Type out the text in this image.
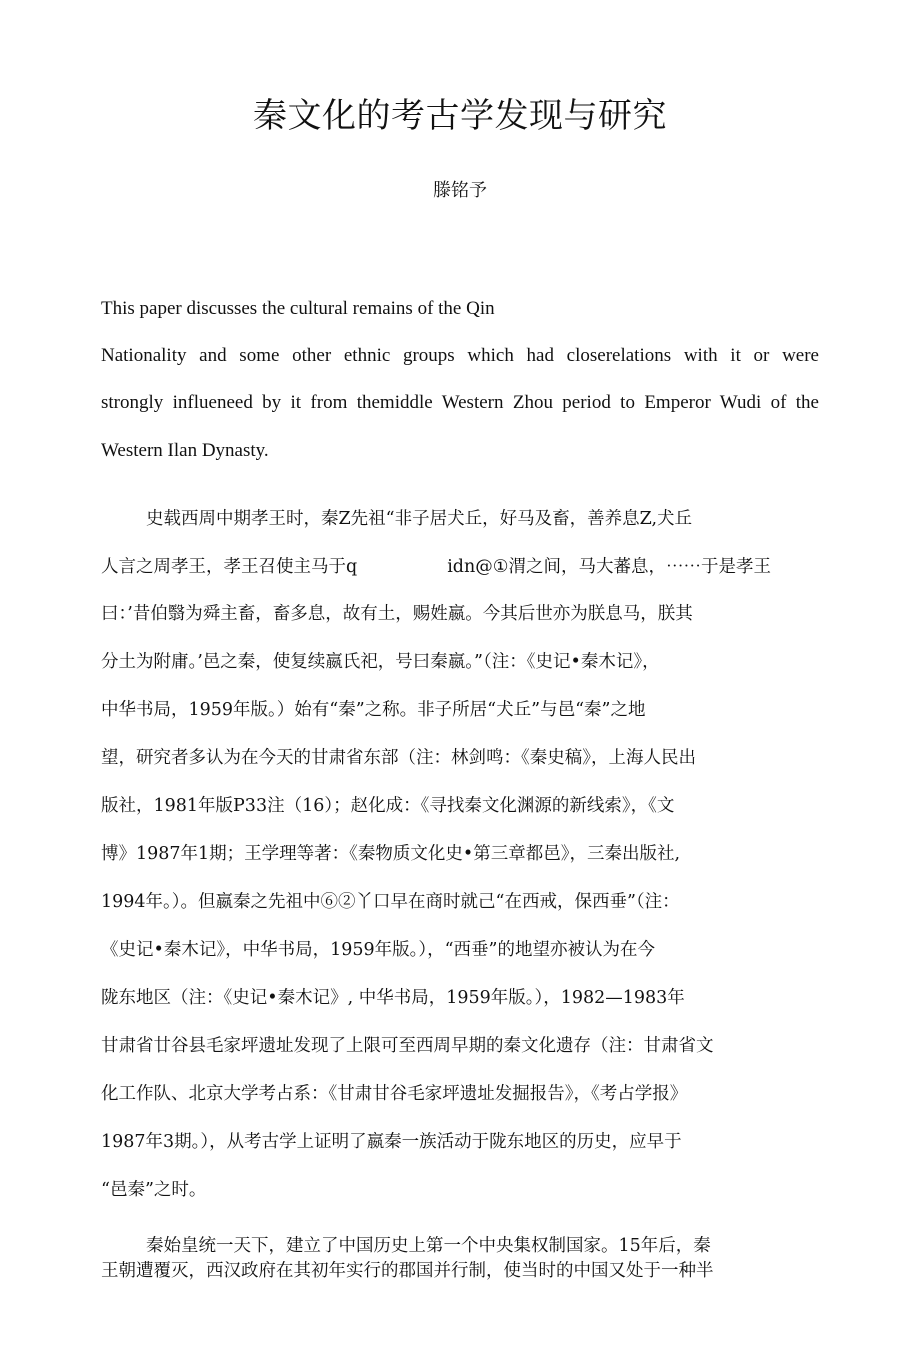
秦文化的考古学发现与研究
滕铭予
This paper discusses the cultural remains of the Qin
Nationality and some other ethnic groups which had closerelations with it or were
strongly influeneed by it from themiddle Western Zhou period to Emperor Wudi of the
Western Ilan Dynasty.
史载西周中期孝王时，秦Z先祖“非子居犬丘，好马及畜，善养息Z,犬丘
人言之周孝王，孝王召使主马于q	idn@①渭之间，马大蕃息，⋯⋯于是孝王
曰：’昔伯翳为舜主畜，畜多息，故有土，赐姓嬴。今其后世亦为朕息马，朕其
分土为附庸。’邑之秦，使复续嬴氏祀，号曰秦嬴。”（注：《史记•秦木记》，
中华书局，1959年版。）始有“秦”之称。非子所居“犬丘”与邑“秦”之地
望，研究者多认为在今天的甘肃省东部（注：林剑鸣：《秦史稿》，上海人民出
版社，1981年版P33注（16）；赵化成：《寻找秦文化渊源的新线索》，《文
博》1987年1期；王学理等著：《秦物质文化史•第三章都邑》，三秦出版社,
1994年。）。但嬴秦之先祖中⑥②丫口早在商时就己“在西戒，保西垂”（注：
《史记•秦木记》，中华书局，1959年版。），“西垂”的地望亦被认为在今
陇东地区（注：《史记•秦木记》, 中华书局，1959年版。），1982—1983年
甘肃省廿谷县毛家坪遗址发现了上限可至西周早期的秦文化遗存（注：甘肃省文
化工作队、北京大学考占系：《甘肃甘谷毛家坪遗址发掘报告》，《考占学报》
1987年3期。），从考古学上证明了嬴秦一族活动于陇东地区的历史，应早于
“邑秦”之时。
秦始皇统一天下，建立了中国历史上第一个中央集权制国家。15年后，秦
王朝遭覆灭，西汉政府在其初年实行的郡国并行制，使当时的中国又处于一种半
